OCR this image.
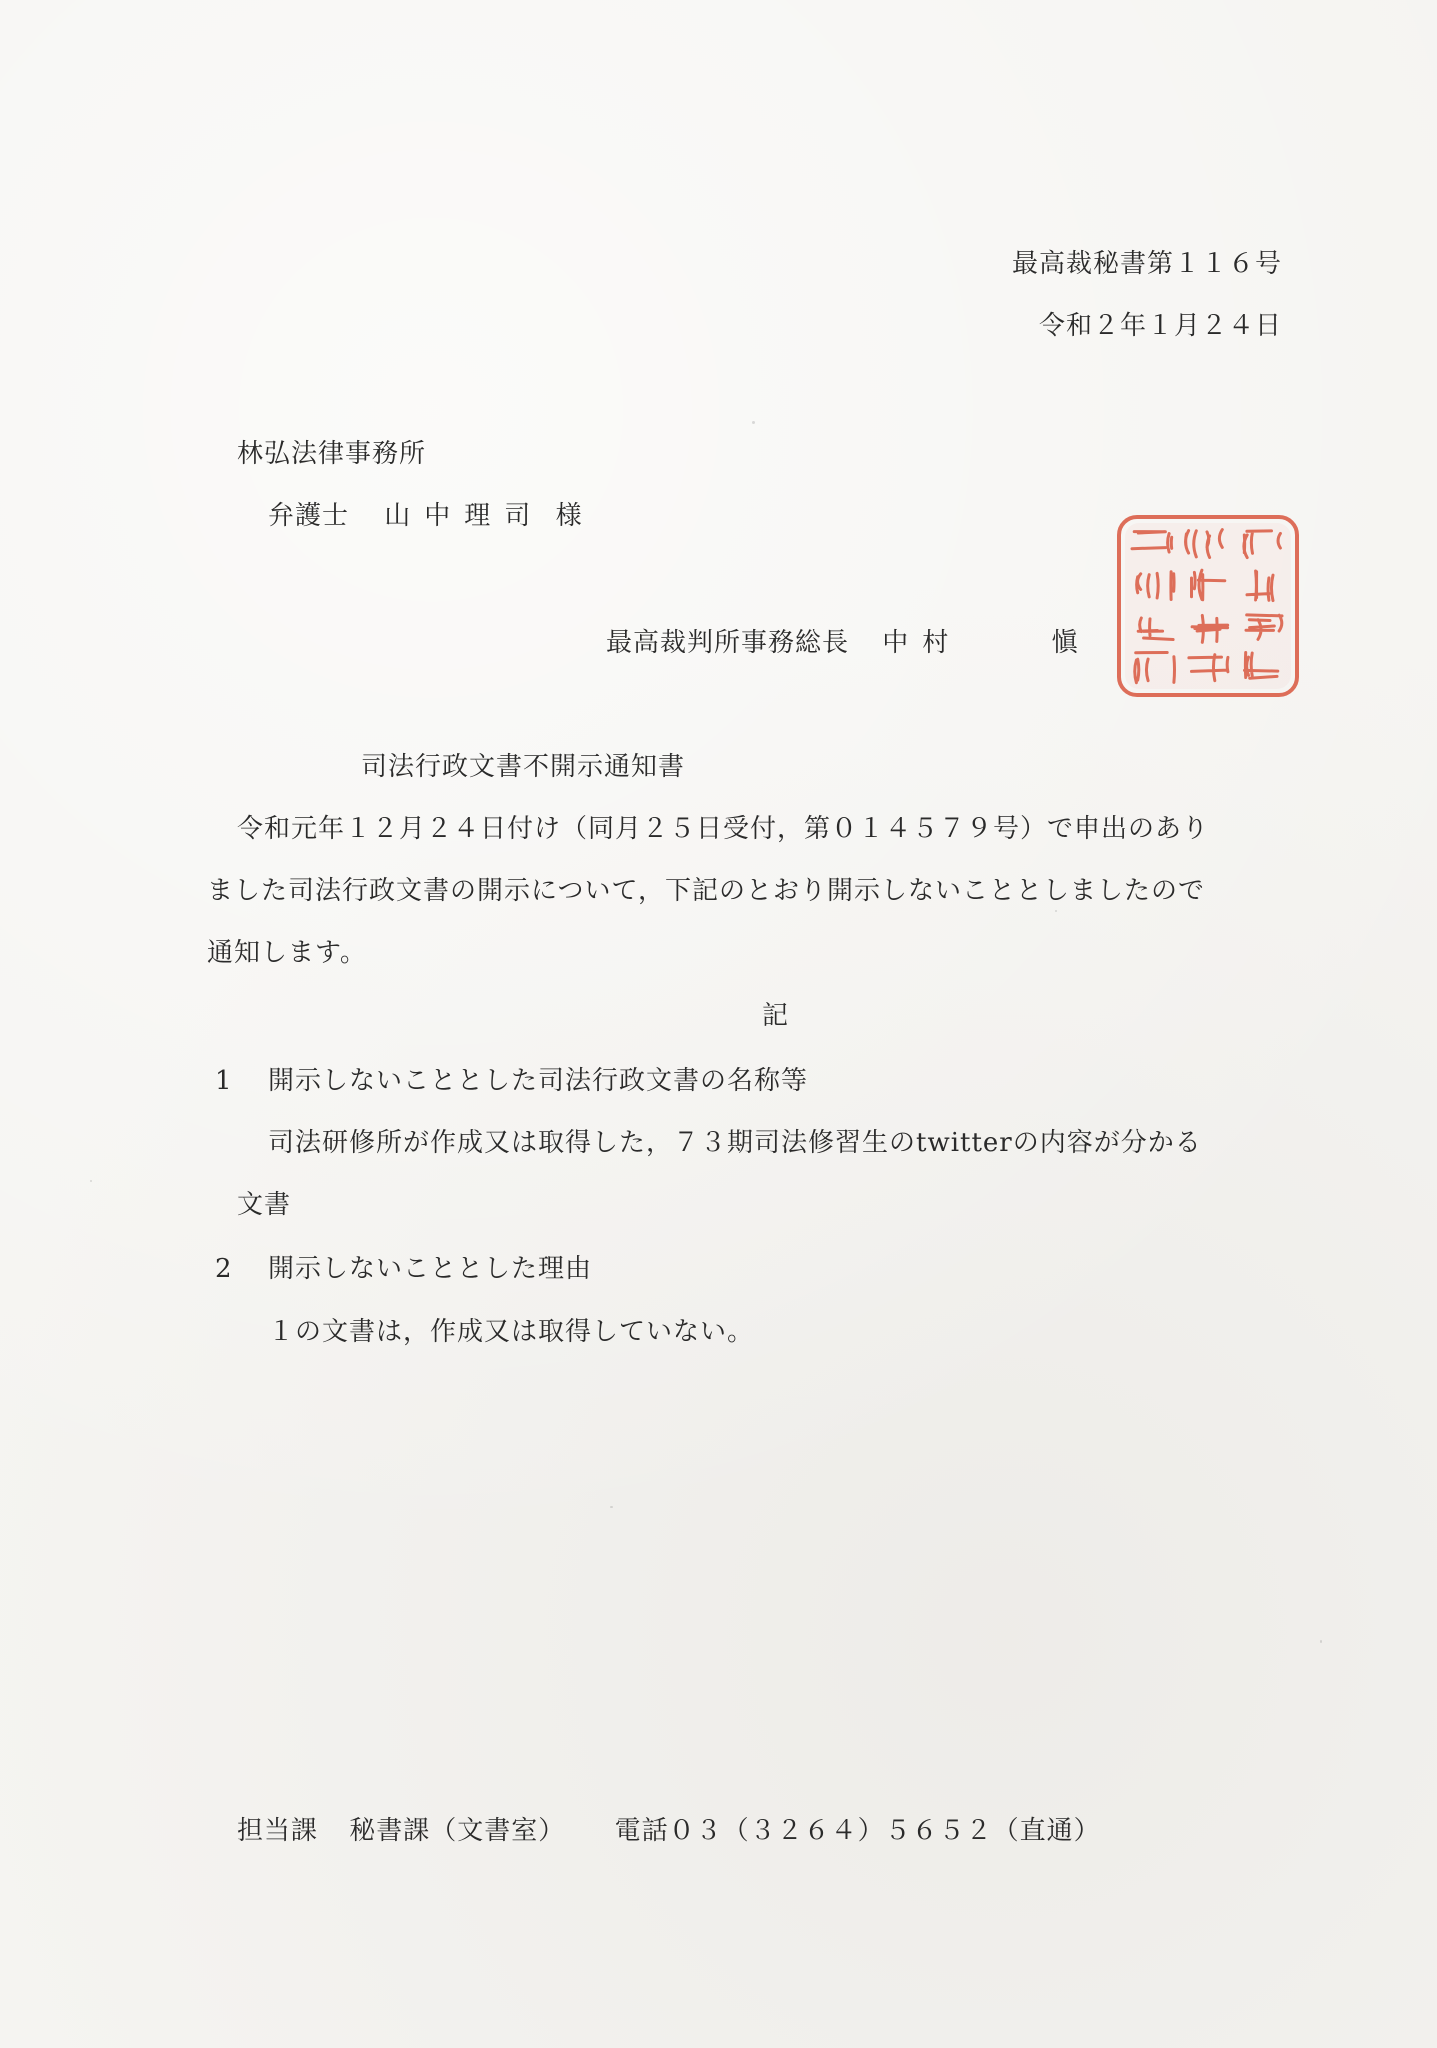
最高裁秘書第１１６号
令和２年１月２４日
林弘法律事務所
弁護士 山中理司 様
最高裁判所事務総長 中村	愼
司法行政文書不開示通知書
令和元年１２月２４日付け（同月２５日受付，第０１４５７９号）で申出のあり
ました司法行政文書の開示について，下記のとおり開示しないこととしましたので
通知します。
記
1 開示しないこととした司法行政文書の名称等
司法研修所が作成又は取得した，７３期司法修習生のtwitterの内容が分かる
文書
2 開示しないこととした理由
１の文書は，作成又は取得していない。
担当課 秘書課（文書室） 電話０３（３２６４）５６５２（直通）
